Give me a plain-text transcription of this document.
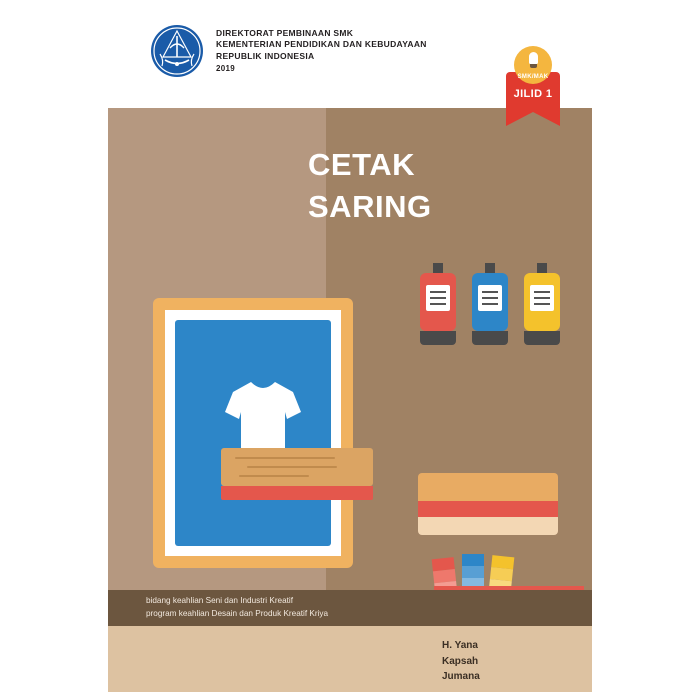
DIREKTORAT PEMBINAAN SMK
KEMENTERIAN PENDIDIKAN DAN KEBUDAYAAN
REPUBLIK INDONESIA
2019
CETAK
SARING
bidang keahlian Seni dan Industri Kreatif
program keahlian Desain dan Produk Kreatif Kriya
H. Yana
Kapsah
Jumana
SMK/MAK
JILID 1
